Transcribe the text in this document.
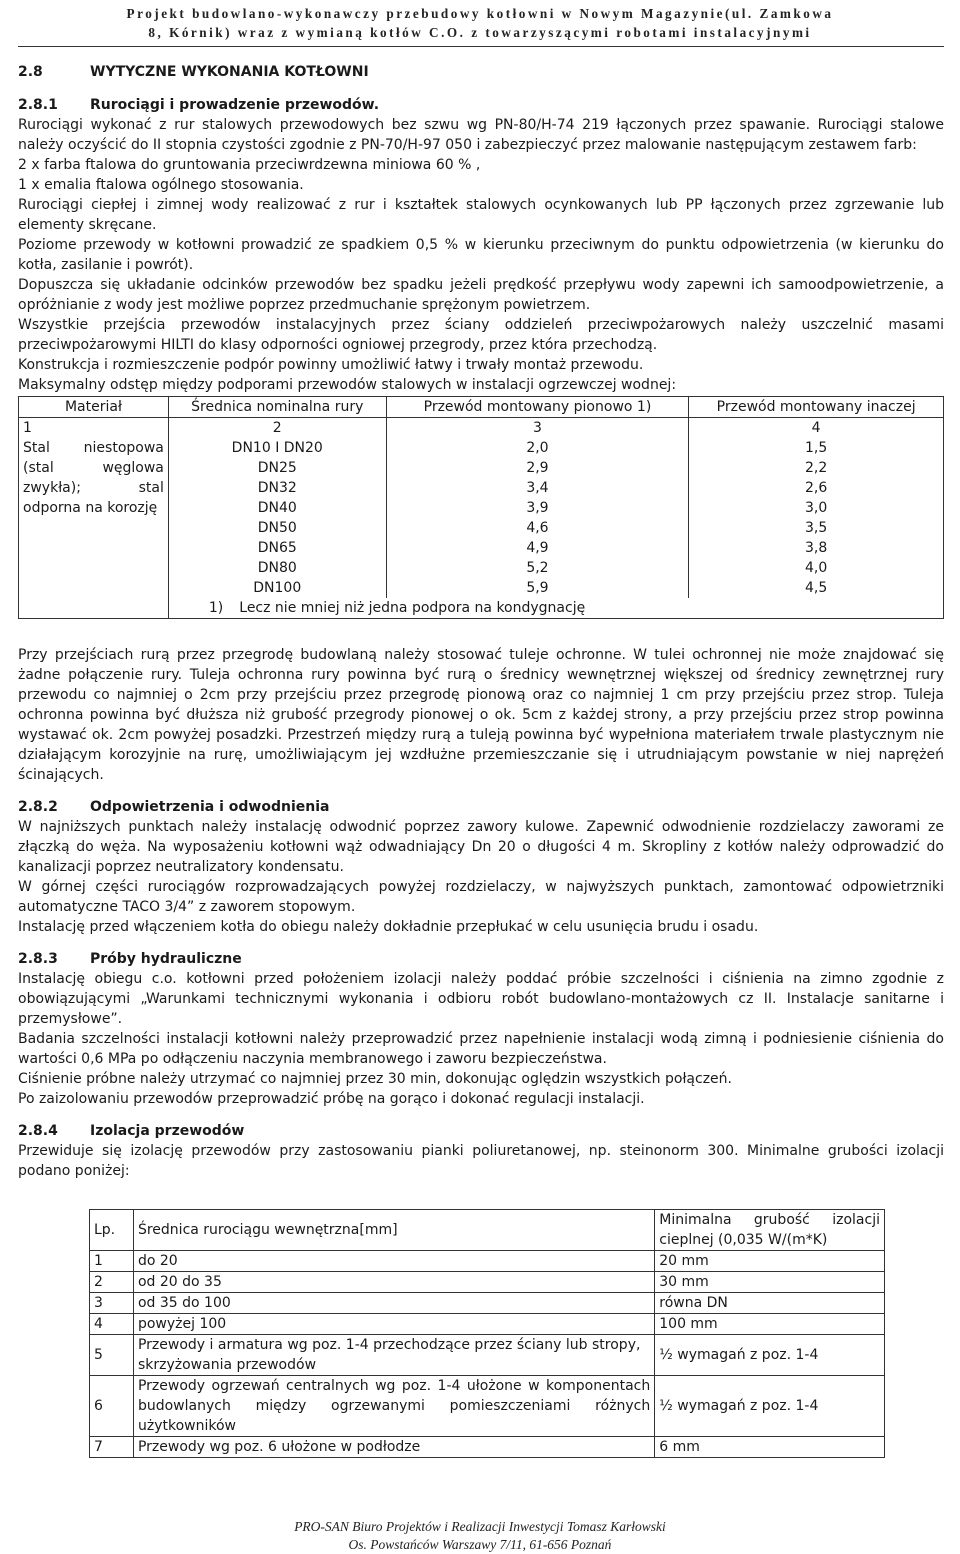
Projekt budowlano-wykonawczy przebudowy kotłowni w Nowym Magazynie(ul. Zamkowa
8, Kórnik) wraz z wymianą kotłów C.O. z towarzyszącymi robotami instalacyjnymi
2.8	WYTYCZNE WYKONANIA KOTŁOWNI
2.8.1 Rurociągi i prowadzenie przewodów.

Rurociągi wykonać z rur stalowych przewodowych bez szwu wg PN-80/H-74 219 łączonych przez spawanie. Rurociągi stalowe należy oczyścić do II stopnia czystości zgodnie z PN-70/H-97 050 i zabezpieczyć przez malowanie następującym zestawem farb:

2 x farba ftalowa do gruntowania przeciwrdzewna miniowa 60 % ,

1 x emalia ftalowa ogólnego stosowania.

Rurociągi ciepłej i zimnej wody realizować z rur i kształtek stalowych ocynkowanych lub PP łączonych przez zgrzewanie lub elementy skręcane.

Poziome przewody w kotłowni prowadzić ze spadkiem 0,5 % w kierunku przeciwnym do punktu odpowietrzenia (w kierunku do kotła, zasilanie i powrót).

Dopuszcza się układanie odcinków przewodów bez spadku jeżeli prędkość przepływu wody zapewni ich samoodpowietrzenie, a opróżnianie z wody jest możliwe poprzez przedmuchanie sprężonym powietrzem.

Wszystkie przejścia przewodów instalacyjnych przez ściany oddzieleń przeciwpożarowych należy uszczelnić masami przeciwpożarowymi HILTI do klasy odporności ogniowej przegrody, przez która przechodzą.

Konstrukcja i rozmieszczenie podpór powinny umożliwić łatwy i trwały montaż przewodu.

Maksymalny odstęp między podporami przewodów stalowych w instalacji ogrzewczej wodnej:

Materiał	Średnica nominalna rury	Przewód montowany pionowo 1)	Przewód montowany inaczej
1	2	3	4
Stal niestopowa (stal węglowa zwykła); stal odporna na korozję	DN10 I DN20	2,0	1,5
	DN25	2,9	2,2
	DN32	3,4	2,6
	DN40	3,9	3,0
	DN50	4,6	3,5
	DN65	4,9	3,8
	DN80	5,2	4,0
	DN100	5,9	4,5
	1) Lecz nie mniej niż jedna podpora na kondygnację		

Przy przejściach rurą przez przegrodę budowlaną należy stosować tuleje ochronne. W tulei ochronnej nie może znajdować się żadne połączenie rury. Tuleja ochronna rury powinna być rurą o średnicy wewnętrznej większej od średnicy zewnętrznej rury przewodu co najmniej o 2cm przy przejściu przez przegrodę pionową oraz co najmniej 1 cm przy przejściu przez strop. Tuleja ochronna powinna być dłuższa niż grubość przegrody pionowej o ok. 5cm z każdej strony, a przy przejściu przez strop powinna wystawać ok. 2cm powyżej posadzki. Przestrzeń między rurą a tuleją powinna być wypełniona materiałem trwale plastycznym nie działającym korozyjnie na rurę, umożliwiającym jej wzdłużne przemieszczanie się i utrudniającym powstanie w niej naprężeń ścinających.

2.8.2 Odpowietrzenia i odwodnienia

W najniższych punktach należy instalację odwodnić poprzez zawory kulowe. Zapewnić odwodnienie rozdzielaczy zaworami ze złączką do węża. Na wyposażeniu kotłowni wąż odwadniający Dn 20 o długości 4 m. Skropliny z kotłów należy odprowadzić do kanalizacji poprzez neutralizatory kondensatu.

W górnej części rurociągów rozprowadzających powyżej rozdzielaczy, w najwyższych punktach, zamontować odpowietrzniki automatyczne TACO 3/4” z zaworem stopowym.

Instalację przed włączeniem kotła do obiegu należy dokładnie przepłukać w celu usunięcia brudu i osadu.

2.8.3 Próby hydrauliczne

Instalację obiegu c.o. kotłowni przed położeniem izolacji należy poddać próbie szczelności i ciśnienia na zimno zgodnie z obowiązującymi „Warunkami technicznymi wykonania i odbioru robót budowlano-montażowych cz II. Instalacje sanitarne i przemysłowe”.

Badania szczelności instalacji kotłowni należy przeprowadzić przez napełnienie instalacji wodą zimną i podniesienie ciśnienia do wartości 0,6 MPa po odłączeniu naczynia membranowego i zaworu bezpieczeństwa.

Ciśnienie próbne należy utrzymać co najmniej przez 30 min, dokonując oględzin wszystkich połączeń.

Po zaizolowaniu przewodów przeprowadzić próbę na gorąco i dokonać regulacji instalacji.

2.8.4 Izolacja przewodów

Przewiduje się izolację przewodów przy zastosowaniu pianki poliuretanowej, np. steinonorm 300. Minimalne grubości izolacji podano poniżej:

Lp.	Średnica rurociągu wewnętrzna[mm]	Minimalna grubość izolacji cieplnej (0,035 W/(m*K)
1	do 20	20 mm
2	od 20 do 35	30 mm
3	od 35 do 100	równa DN
4	powyżej 100	100 mm
5	Przewody i armatura wg poz. 1-4 przechodzące przez ściany lub stropy, skrzyżowania przewodów	½ wymagań z poz. 1-4
6	Przewody ogrzewań centralnych wg poz. 1-4 ułożone w komponentach budowlanych między ogrzewanymi pomieszczeniami różnych użytkowników	½ wymagań z poz. 1-4
7	Przewody wg poz. 6 ułożone w podłodze	6 mm
PRO-SAN Biuro Projektów i Realizacji Inwestycji Tomasz Karłowski
Os. Powstańców Warszawy 7/11, 61-656 Poznań
